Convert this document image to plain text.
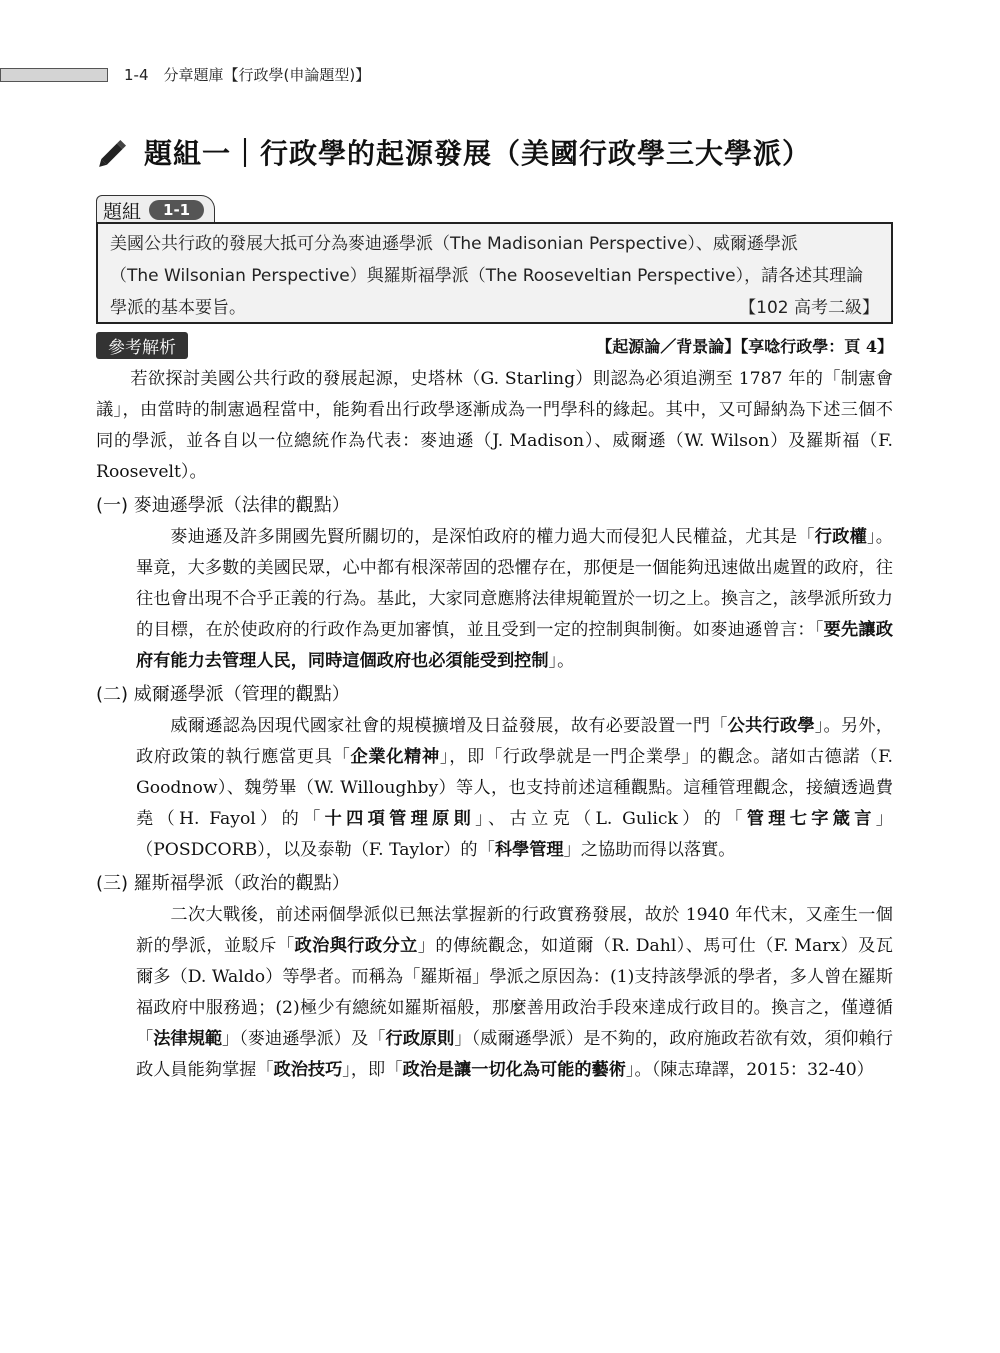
1-4　分章題庫【行政學(申論題型)】
題組一｜行政學的起源發展（美國行政學三大學派）
題組	1-1
美國公共行政的發展大抵可分為麥迪遜學派（The Madisonian Perspective）、威爾遜學派
（The Wilsonian Perspective）與羅斯福學派（The Rooseveltian Perspective），請各述其理論
學派的基本要旨。	【102 高考二級】
參考解析	【起源論／背景論】【享唸行政學：頁 4】

若欲探討美國公共行政的發展起源，史塔林（G. Starling）則認為必須追溯至 1787 年的「制憲會議」，由當時的制憲過程當中，能夠看出行政學逐漸成為一門學科的緣起。其中，又可歸納為下述三個不同的學派，並各自以一位總統作為代表：麥迪遜（J. Madison）、威爾遜（W. Wilson）及羅斯福（F. Roosevelt）。

(一) 麥迪遜學派（法律的觀點）

麥迪遜及許多開國先賢所關切的，是深怕政府的權力過大而侵犯人民權益，尤其是「行政權」。畢竟，大多數的美國民眾，心中都有根深蒂固的恐懼存在，那便是一個能夠迅速做出處置的政府，往往也會出現不合乎正義的行為。基此，大家同意應將法律規範置於一切之上。換言之，該學派所致力的目標，在於使政府的行政作為更加審慎，並且受到一定的控制與制衡。如麥迪遜曾言：「要先讓政府有能力去管理人民，同時這個政府也必須能受到控制」。

(二) 威爾遜學派（管理的觀點）

威爾遜認為因現代國家社會的規模擴增及日益發展，故有必要設置一門「公共行政學」。另外，政府政策的執行應當更具「企業化精神」，即「行政學就是一門企業學」的觀念。諸如古德諾（F. Goodnow）、魏勞畢（W. Willoughby）等人，也支持前述這種觀點。這種管理觀念，接續透過費堯（H. Fayol）的「十四項管理原則」、古立克（L. Gulick）的「管理七字箴言」（POSDCORB），以及泰勒（F. Taylor）的「科學管理」之協助而得以落實。

(三) 羅斯福學派（政治的觀點）

二次大戰後，前述兩個學派似已無法掌握新的行政實務發展，故於 1940 年代末，又產生一個新的學派，並駁斥「政治與行政分立」的傳統觀念，如道爾（R. Dahl）、馬可仕（F. Marx）及瓦爾多（D. Waldo）等學者。而稱為「羅斯福」學派之原因為：(1)支持該學派的學者，多人曾在羅斯福政府中服務過；(2)極少有總統如羅斯福般，那麼善用政治手段來達成行政目的。換言之，僅遵循「法律規範」（麥迪遜學派）及「行政原則」（威爾遜學派）是不夠的，政府施政若欲有效，須仰賴行政人員能夠掌握「政治技巧」，即「政治是讓一切化為可能的藝術」。（陳志瑋譯，2015：32-40）
